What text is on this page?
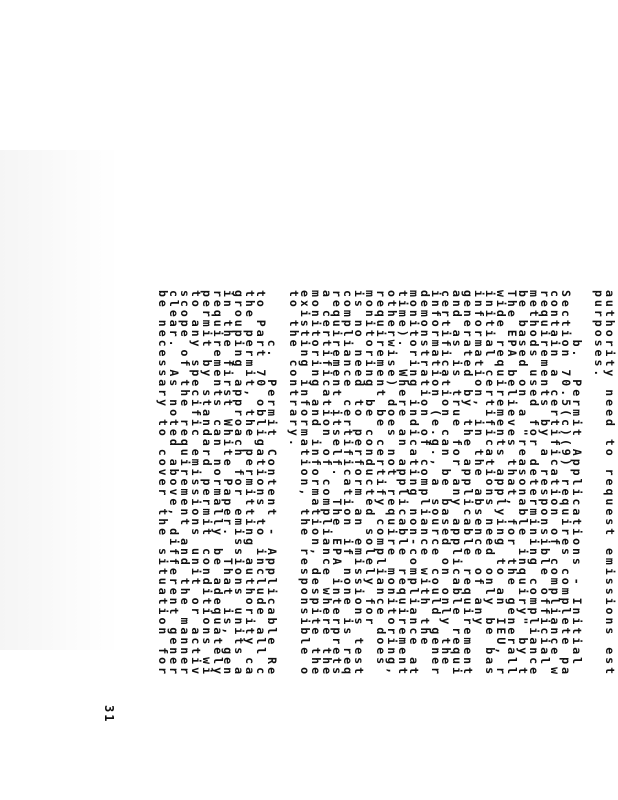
31
authority need to request emissions est
purposes.
b.  Permit Applications - Initial
Section 70.5(c)(9) requires complete pa
contain a certification of compliance w
requirements by a responsible official
methods used for determining compliance
be based on a "reasonable inquiry" by t
The EPA believes that, for the generall
wide requirements applying to an IEU, r
initial certifications need only be bas
information, in the absence of any
generated by the applicable requirement
and as is true for any applicable requi
certification can be based on only the
information (e.g., a source could gener
demonstration of compliance with the
monitoring indicating non-compliance at
time).  Where an applicable requirement
otherwise) does not require monitoring,
requirement be certify compliance does
monitoring be conducted solely for
is no need to perform an emissions test
compliance certification if none is req
requirement itself.  The EPA interprets
a certification of compliance where the
monitoring and information, despite the
existing information, the responsible o
to the contrary.
c.  Permit Content - Applicable Re
to Part 70 obligations to include all c
the permit, the permitting authority ca
grouping approach for emissions units a
in the first White Paper.  That is, gen
requirements can normally be adequately
permit by standard permit conditions wi
to any specific emissions unit or activ
scope of the requirement and the manner
clear.  As noted above, different gener
be necessary to cover the situation for
